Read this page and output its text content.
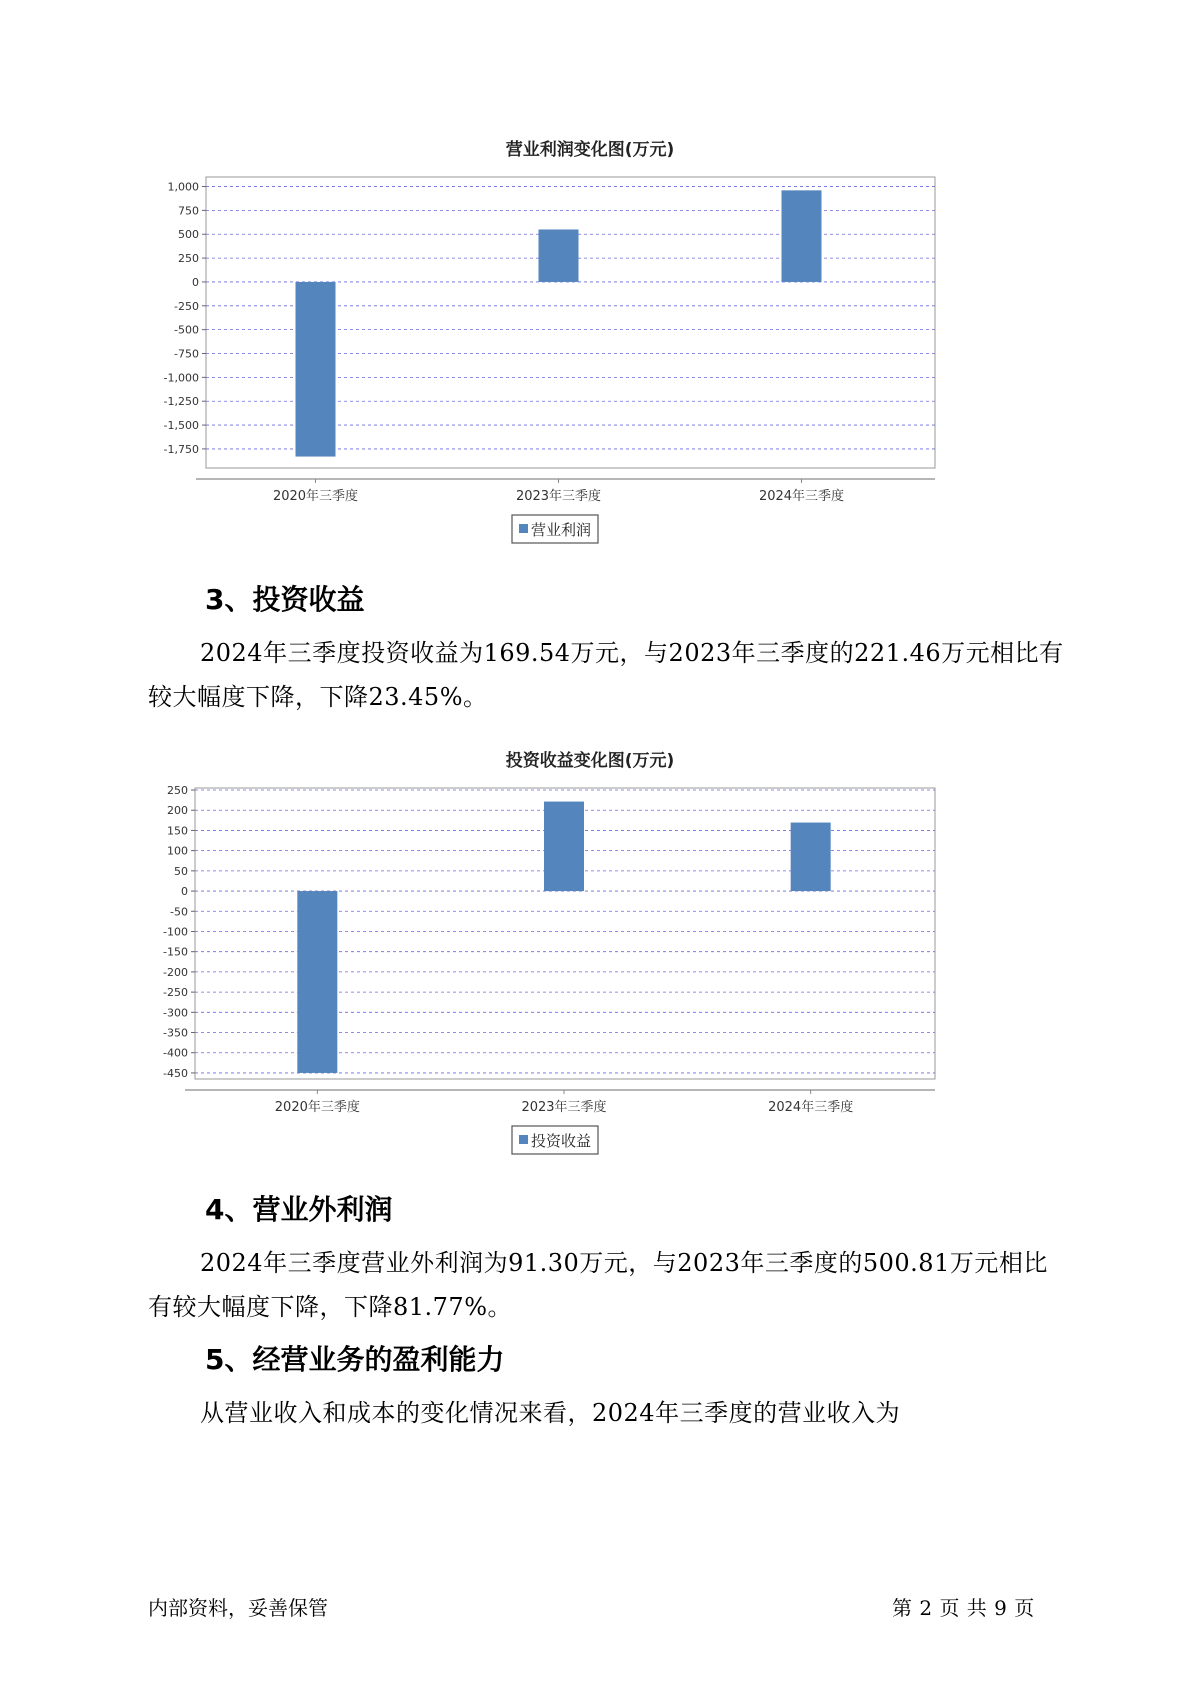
营业利润变化图(万元)
1,000
750
500
250
0
-250
-500
-750
-1,000
-1,250
-1,500
-1,750
2020年三季度	2023年三季度	2024年三季度
营业利润
3、投资收益

2024年三季度投资收益为169.54万元，与2023年三季度的221.46万元相比有较大幅度下降，下降23.45%。

投资收益变化图(万元)
250
200
150
100
50
0
-50
-100
-150
-200
-250
-300
-350
-400
-450
2020年三季度	2023年三季度	2024年三季度
投资收益
4、营业外利润

2024年三季度营业外利润为91.30万元，与2023年三季度的500.81万元相比有较大幅度下降，下降81.77%。

5、经营业务的盈利能力

从营业收入和成本的变化情况来看，2024年三季度的营业收入为

内部资料，妥善保管	第 2 页 共 9 页
